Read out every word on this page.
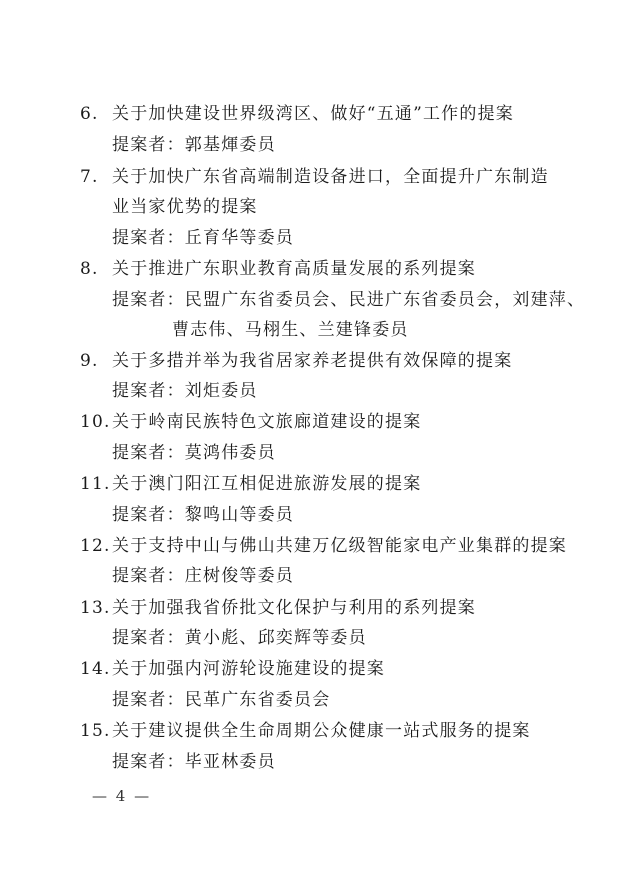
6. 关于加快建设世界级湾区、做好“五通”工作的提案
提案者：郭基煇委员
7. 关于加快广东省高端制造设备进口，全面提升广东制造
业当家优势的提案
提案者：丘育华等委员
8. 关于推进广东职业教育高质量发展的系列提案
提案者：民盟广东省委员会、民进广东省委员会，刘建萍、
曹志伟、马栩生、兰建锋委员
9. 关于多措并举为我省居家养老提供有效保障的提案
提案者：刘炬委员
10. 关于岭南民族特色文旅廊道建设的提案
提案者：莫鸿伟委员
11. 关于澳门阳江互相促进旅游发展的提案
提案者：黎鸣山等委员
12. 关于支持中山与佛山共建万亿级智能家电产业集群的提案
提案者：庄树俊等委员
13. 关于加强我省侨批文化保护与利用的系列提案
提案者：黄小彪、邱奕辉等委员
14. 关于加强内河游轮设施建设的提案
提案者：民革广东省委员会
15. 关于建议提供全生命周期公众健康一站式服务的提案
提案者：毕亚林委员
— 4 —
